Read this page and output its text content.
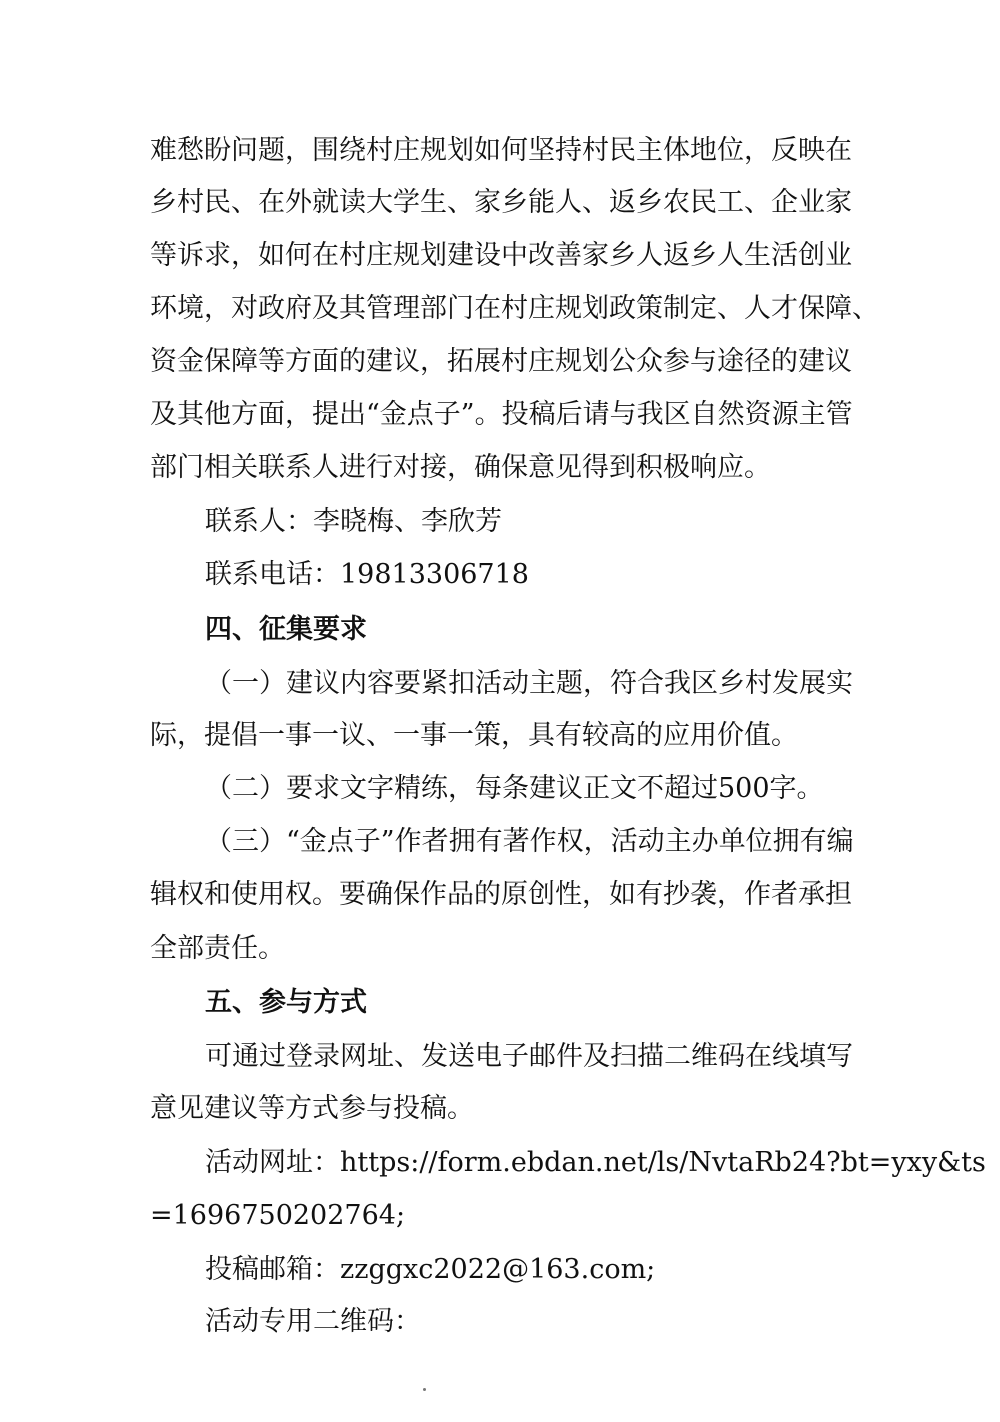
难愁盼问题，围绕村庄规划如何坚持村民主体地位，反映在
乡村民、在外就读大学生、家乡能人、返乡农民工、企业家
等诉求，如何在村庄规划建设中改善家乡人返乡人生活创业
环境，对政府及其管理部门在村庄规划政策制定、人才保障、
资金保障等方面的建议，拓展村庄规划公众参与途径的建议
及其他方面，提出“金点子”。投稿后请与我区自然资源主管
部门相关联系人进行对接，确保意见得到积极响应。
联系人：李晓梅、李欣芳
联系电话：19813306718
四、征集要求
（一）建议内容要紧扣活动主题，符合我区乡村发展实
际，提倡一事一议、一事一策，具有较高的应用价值。
（二）要求文字精练，每条建议正文不超过500字。
（三）“金点子”作者拥有著作权，活动主办单位拥有编
辑权和使用权。要确保作品的原创性，如有抄袭，作者承担
全部责任。
五、参与方式
可通过登录网址、发送电子邮件及扫描二维码在线填写
意见建议等方式参与投稿。
活动网址：https://form.ebdan.net/ls/NvtaRb24?bt=yxy&ts
=1696750202764;
投稿邮箱：zzggxc2022@163.com;
活动专用二维码：
